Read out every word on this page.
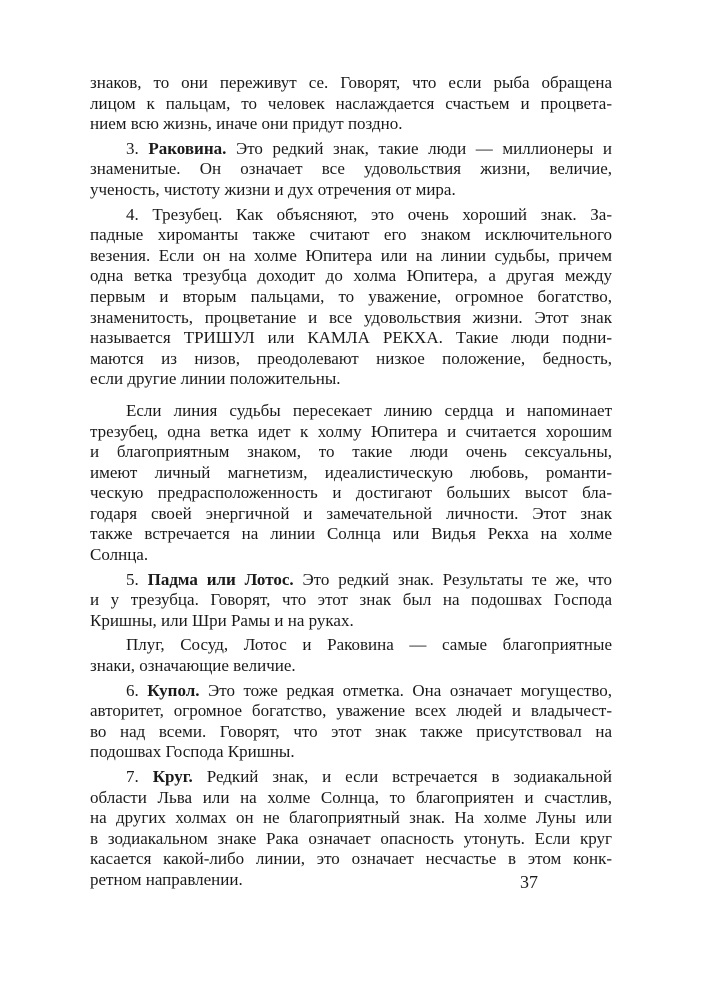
знаков, то они переживут се. Говорят, что если рыба обращена
лицом к пальцам, то человек наслаждается счастьем и процвета-
нием всю жизнь, иначе они придут поздно.

3. Раковина. Это редкий знак, такие люди — миллионеры и
знаменитые. Он означает все удовольствия жизни, величие,
ученость, чистоту жизни и дух отречения от мира.

4. Трезубец. Как объясняют, это очень хороший знак. За-
падные хироманты также считают его знаком исключительного
везения. Если он на холме Юпитера или на линии судьбы, причем
одна ветка трезубца доходит до холма Юпитера, а другая между
первым и вторым пальцами, то уважение, огромное богатство,
знаменитость, процветание и все удовольствия жизни. Этот знак
называется ТРИШУЛ или КАМЛА РЕКХА. Такие люди подни-
маются из низов, преодолевают низкое положение, бедность,
если другие линии положительны.

Если линия судьбы пересекает линию сердца и напоминает
трезубец, одна ветка идет к холму Юпитера и считается хорошим
и благоприятным знаком, то такие люди очень сексуальны,
имеют личный магнетизм, идеалистическую любовь, романти-
ческую предрасположенность и достигают больших высот бла-
годаря своей энергичной и замечательной личности. Этот знак
также встречается на линии Солнца или Видья Рекха на холме
Солнца.

5. Падма или Лотос. Это редкий знак. Результаты те же, что
и у трезубца. Говорят, что этот знак был на подошвах Господа
Кришны, или Шри Рамы и на руках.

Плуг, Сосуд, Лотос и Раковина — самые благоприятные
знаки, означающие величие.

6. Купол. Это тоже редкая отметка. Она означает могущество,
авторитет, огромное богатство, уважение всех людей и владычест-
во над всеми. Говорят, что этот знак также присутствовал на
подошвах Господа Кришны.

7. Круг. Редкий знак, и если встречается в зодиакальной
области Льва или на холме Солнца, то благоприятен и счастлив,
на других холмах он не благоприятный знак. На холме Луны или
в зодиакальном знаке Рака означает опасность утонуть. Если круг
касается какой-либо линии, это означает несчастье в этом конк-
ретном направлении.	37
